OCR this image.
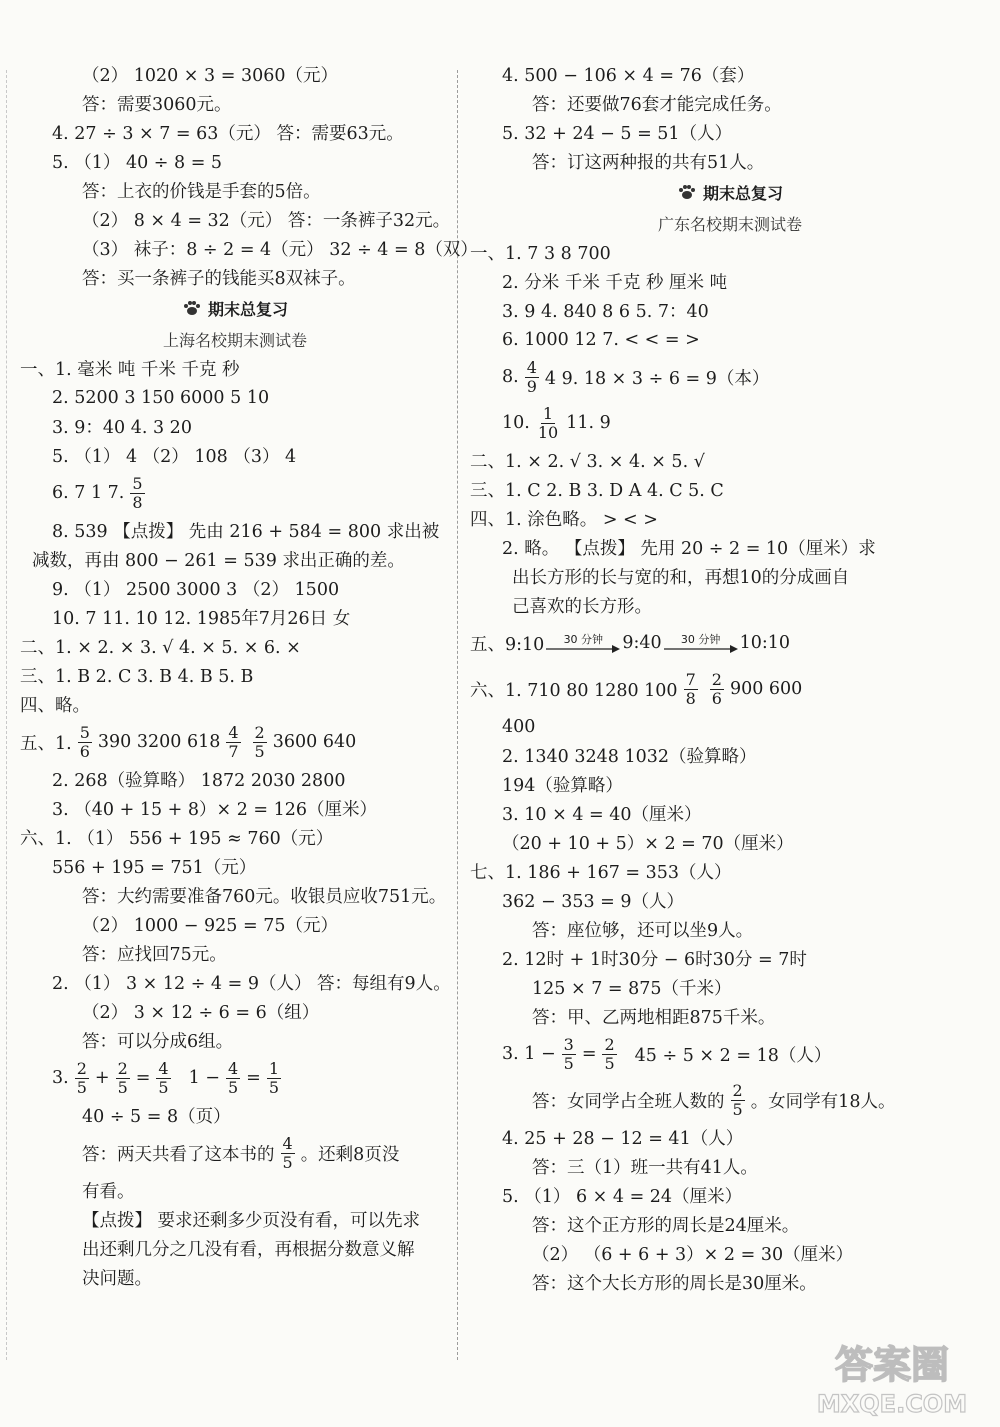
（2） 1020 × 3 = 3060（元）
答：需要3060元。
4. 27 ÷ 3 × 7 = 63（元） 答：需要63元。
5. （1） 40 ÷ 8 = 5
答：上衣的价钱是手套的5倍。
（2） 8 × 4 = 32（元） 答：一条裤子32元。
（3） 袜子：8 ÷ 2 = 4（元） 32 ÷ 4 = 8（双）
答：买一条裤子的钱能买8双袜子。
期末总复习
上海名校期末测试卷
一、1. 毫米 吨 千米 千克 秒
2. 5200 3 150 6000 5 10
3. 9：40 4. 3 20
5. （1） 4 （2） 108 （3） 4
6. 7 1 7. $\frac{5}{8}$
8. 539 【点拨】 先由 216 + 584 = 800 求出被
减数，再由 800 − 261 = 539 求出正确的差。
9. （1） 2500 3000 3 （2） 1500
10. 7 11. 10 12. 1985年7月26日 女
二、1. × 2. × 3. √ 4. × 5. × 6. ×
三、1. B 2. C 3. B 4. B 5. B
四、略。
五、1. $\frac{5}{6} 390$ 3200 $618 \frac{4}{7} \frac{2}{5} 3600$ 640
2. 268（验算略） 1872 2030 2800
3. （40 + 15 + 8）× 2 = 126（厘米）
六、1. （1） 556 + 195 ≈ 760（元）
556 + 195 = 751（元）
答：大约需要准备760元。收银员应收751元。
（2） 1000 − 925 = 75（元）
答：应找回75元。
2. （1） 3 × 12 ÷ 4 = 9（人） 答：每组有9人。
（2） 3 × 12 ÷ 6 = 6（组）
答：可以分成6组。
3. $\frac{2}{5} + \frac{2}{5} = \frac{4}{5} 1 - \frac{4}{5} = \frac{1}{5}$
40 ÷ 5 = 8（页）
答：两天共看了这本书的 $\frac{4}{5}$ 。还剩8页没
有看。
【点拨】 要求还剩多少页没有看，可以先求
出还剩几分之几没有看，再根据分数意义解
决问题。
4. 500 − 106 × 4 = 76（套）
答：还要做76套才能完成任务。
5. 32 + 24 − 5 = 51（人）
答：订这两种报的共有51人。
期末总复习
广东名校期末测试卷
一、1. 7 3 8 700
2. 分米 千米 千克 秒 厘米 吨
3. 9 4. 840 8 6 5. 7：40
6. 1000 12 7. < < = >
8. $\frac{4}{9} 4$ 9. 18 × 3 ÷ 6 = 9（本）
10. $\frac{1}{10} 11$. 9
二、1. × 2. √ 3. × 4. × 5. √
三、1. C 2. B 3. D A 4. C 5. C
四、1. 涂色略。 > < >
2. 略。 【点拨】 先用 20 ÷ 2 = 10（厘米）求
出长方形的长与宽的和，再想10的分成画自
己喜欢的长方形。
五、9:10 30 分钟 9:40 30 分钟 10:10
六、1. 710 80 1280 $100 \frac{7}{8} \frac{2}{6} 900$ 600
400
2. 1340 3248 1032（验算略）
194（验算略）
3. 10 × 4 = 40（厘米）
（20 + 10 + 5）× 2 = 70（厘米）
七、1. 186 + 167 = 353（人）
362 − 353 = 9（人）
答：座位够，还可以坐9人。
2. 12时 + 1时30分 − 6时30分 = 7时
125 × 7 = 875（千米）
答：甲、乙两地相距875千米。
3. $1 - \frac{3}{5} = \frac{2}{5} 45 \div 5 \times 2 = 18$（人）
答：女同学占全班人数的 $\frac{2}{5}$ 。女同学有18人。
4. 25 + 28 − 12 = 41（人）
答：三（1）班一共有41人。
5. （1） 6 × 4 = 24（厘米）
答：这个正方形的周长是24厘米。
（2） （6 + 6 + 3）× 2 = 30（厘米）
答：这个大长方形的周长是30厘米。
答案圈
MXQE.COM
